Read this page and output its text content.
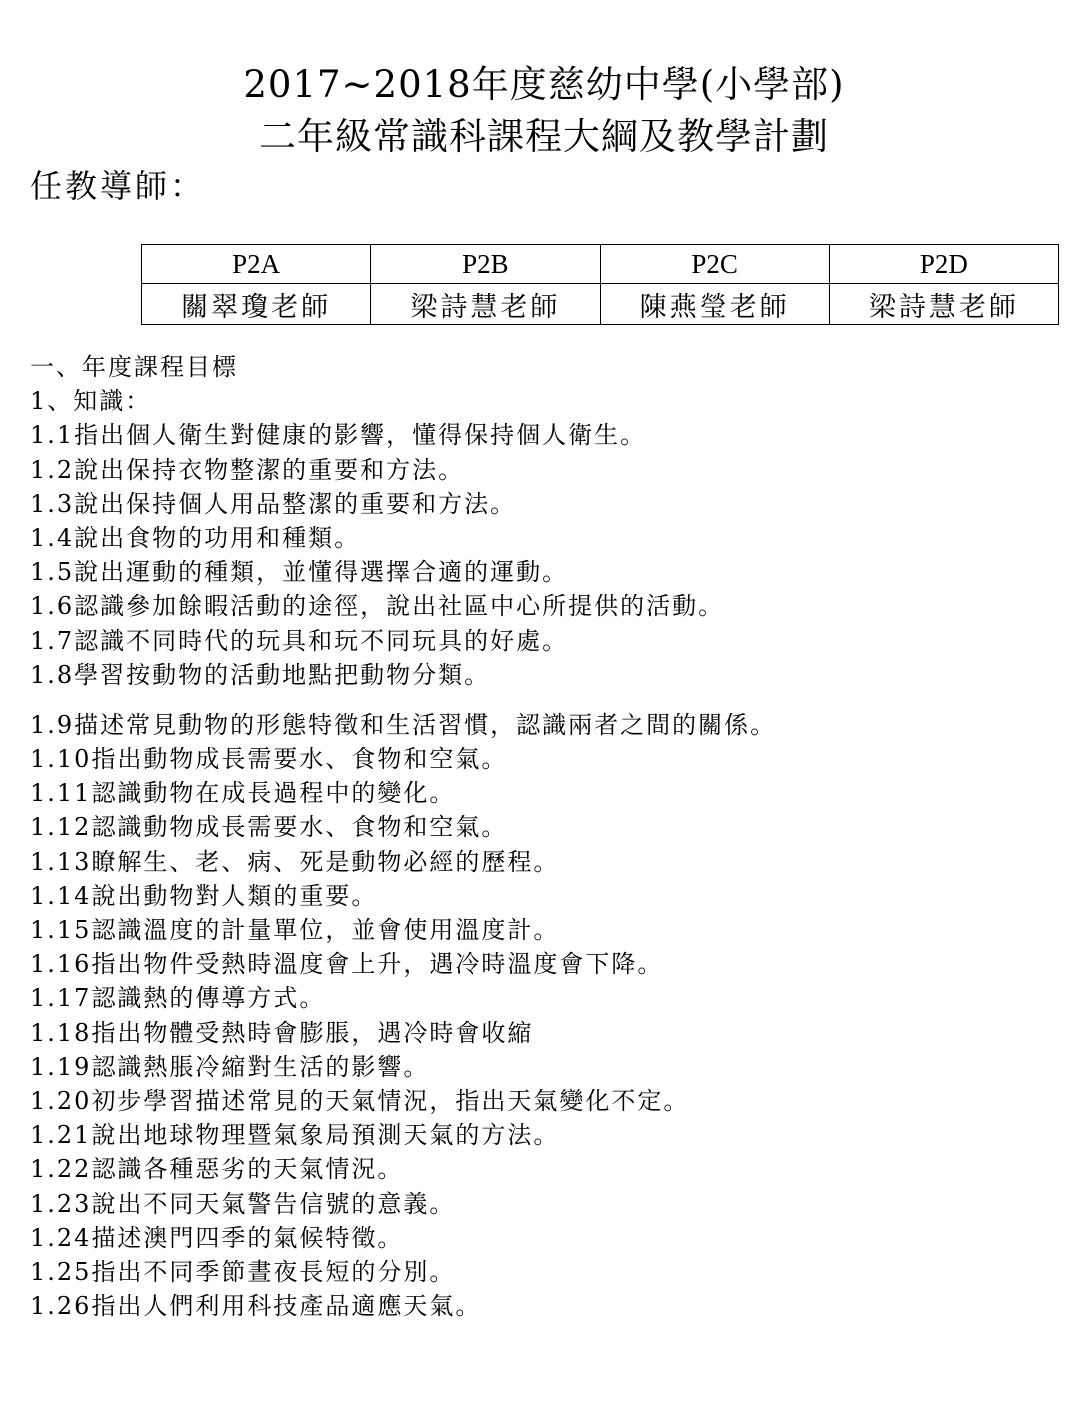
2017~2018年度慈幼中學(小學部)
二年級常識科課程大綱及教學計劃
任教導師：
P2A	P2B	P2C	P2D
關翠瓊老師	梁詩慧老師	陳燕瑩老師	梁詩慧老師
一、年度課程目標
1、知識：
1.1指出個人衛生對健康的影響，懂得保持個人衛生。
1.2說出保持衣物整潔的重要和方法。
1.3說出保持個人用品整潔的重要和方法。
1.4說出食物的功用和種類。
1.5說出運動的種類，並懂得選擇合適的運動。
1.6認識參加餘暇活動的途徑，說出社區中心所提供的活動。
1.7認識不同時代的玩具和玩不同玩具的好處。
1.8學習按動物的活動地點把動物分類。
1.9描述常見動物的形態特徵和生活習慣，認識兩者之間的關係。
1.10指出動物成長需要水、食物和空氣。
1.11認識動物在成長過程中的變化。
1.12認識動物成長需要水、食物和空氣。
1.13瞭解生、老、病、死是動物必經的歷程。
1.14說出動物對人類的重要。
1.15認識溫度的計量單位，並會使用溫度計。
1.16指出物件受熱時溫度會上升，遇冷時溫度會下降。
1.17認識熱的傳導方式。
1.18指出物體受熱時會膨脹，遇冷時會收縮
1.19認識熱脹冷縮對生活的影響。
1.20初步學習描述常見的天氣情況，指出天氣變化不定。
1.21說出地球物理暨氣象局預測天氣的方法。
1.22認識各種惡劣的天氣情況。
1.23說出不同天氣警告信號的意義。
1.24描述澳門四季的氣候特徵。
1.25指出不同季節晝夜長短的分別。
1.26指出人們利用科技產品適應天氣。
